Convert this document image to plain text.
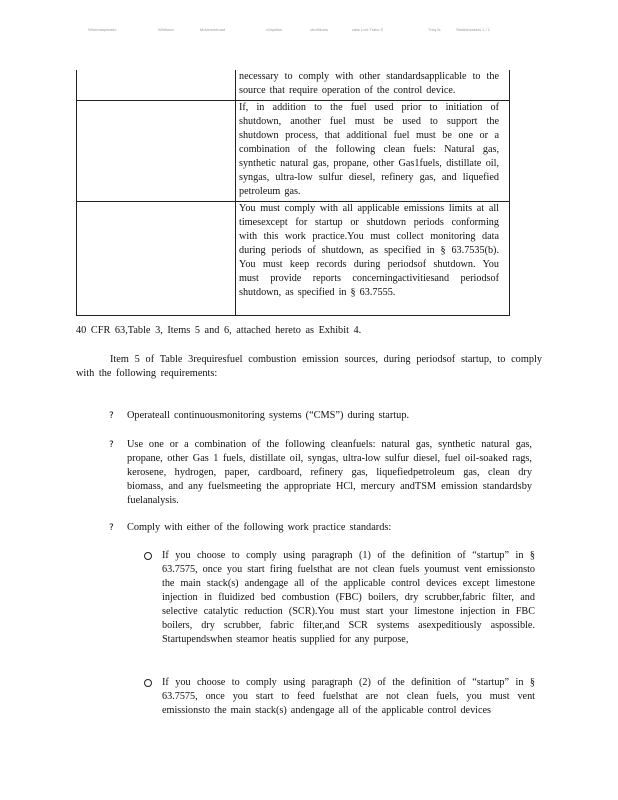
Whereasparado	Whitiona	Movemistroad	cVaprilos	cboMkoss	rabs Lvnt Trakc S	Tnrq fs	Sbaltobsaskrs 1 / 1

	necessary to comply with other standardsapplicable to the source that require operation of the control device.

	If, in addition to the fuel used prior to initiation of shutdown, another fuel must be used to support the shutdown process, that additional fuel must be one or a combination of the following clean fuels: Natural gas, synthetic natural gas, propane, other Gas1fuels, distillate oil, syngas, ultra-low sulfur diesel, refinery gas, and liquefied petroleum gas.

	You must comply with all applicable emissions limits at all timesexcept for startup or shutdown periods conforming with this work practice.You must collect monitoring data during periods of shutdown, as specified in § 63.7535(b). You must keep records during periodsof shutdown. You must provide reports concerningactivitiesand periodsof shutdown, as specified in § 63.7555.

40 CFR 63,Table 3, Items 5 and 6, attached hereto as Exhibit 4.

Item 5 of Table 3requiresfuel combustion emission sources, during periodsof startup, to comply with the following requirements:

? Operateall continuousmonitoring systems (“CMS”) during startup.
? Use one or a combination of the following cleanfuels: natural gas, synthetic natural gas, propane, other Gas 1 fuels, distillate oil, syngas, ultra-low sulfur diesel, fuel oil-soaked rags, kerosene, hydrogen, paper, cardboard, refinery gas, liquefiedpetroleum gas, clean dry biomass, and any fuelsmeeting the appropriate HCl, mercury andTSM emission standardsby fuelanalysis.
? Comply with either of the following work practice standards:
If you choose to comply using paragraph (1) of the definition of “startup” in § 63.7575, once you start firing fuelsthat are not clean fuels youmust vent emissionsto the main stack(s) andengage all of the applicable control devices except limestone injection in fluidized bed combustion (FBC) boilers, dry scrubber,fabric filter, and selective catalytic reduction (SCR).You must start your limestone injection in FBC boilers, dry scrubber, fabric filter,and SCR systems asexpeditiously aspossible. Startupendswhen steamor heatis supplied for any purpose,
If you choose to comply using paragraph (2) of the definition of “startup” in § 63.7575, once you start to feed fuelsthat are not clean fuels, you must vent emissionsto the main stack(s) andengage all of the applicable control devices
